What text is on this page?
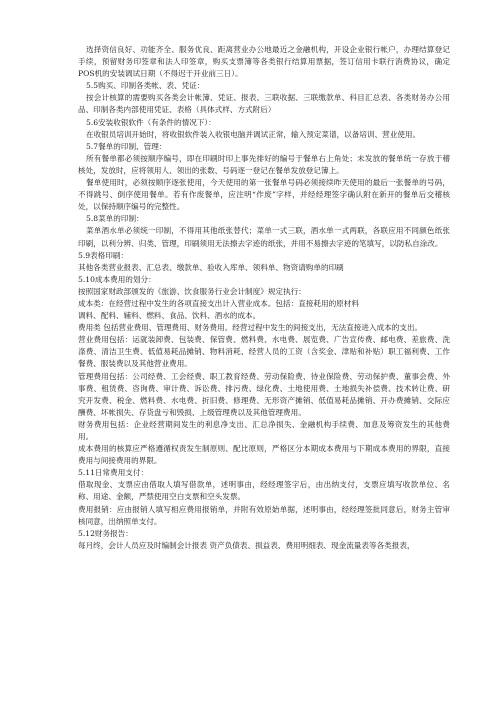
选择资信良好、功能齐全、服务优良、距离营业办公地最近之金融机构，开设企业银行帐户，办理结算登记手续，预留财务印签章和法人印签章，购买支票簿等各类银行结算用票据，签订信用卡联行消费协议，确定POS机的安装调试日期（不得迟于开业前三日）。

5.5购买、印制各类帐、表、凭证：

按会计核算的需要购买各类会计帐簿、凭证、报表、三联收据、三联缴款单、科目汇总表、各类财务办公用品、印制各类内部使用凭证、表格（具体式样、方式附后）

5.6安装收银软件（有条件的情况下）：

在收银员培训开始时，将收银软件装入收银电脑并调试正常，输入预定菜谱，以备培训、营业使用。

5.7餐单的印制、管理：

所有餐单都必须按顺序编号，即在印刷时印上事先排好的编号于餐单右上角处；未发放的餐单统一存放于稽核处，发放时，应将领用人、领出的张数、号码逐一登记在餐单发放登记簿上。

餐单使用时，必须按顺序逐张使用，今天使用的第一张餐单号码必须接续昨天使用的最后一张餐单的号码，不得跳号、倒序使用餐单。若有作废餐单，应注明“作废”字样，并经经理签字确认附在新开的餐单后交稽核处，以保持顺序编号的完整性。

5.8菜单的印制：

菜单酒水单必须统一印制，不得用其他纸张替代；菜单一式三联，酒水单一式两联，各联应用不同颜色纸张印刷，以利分辨、归类、管理，印刷须用无法擦去字迹的纸张，并用不易擦去字迹的笔填写，以防私自涂改。

5.9表格印刷：

其他各类营业报表、汇总表、缴款单、验收入库单、领料单、物资请购单的印刷

5.10成本费用的划分：

按照国家财政部颁发的《旅游、饮食服务行业会计制度》规定执行：

成本类：在经营过程中发生的各项直接支出计入营业成本。包括：直接耗用的原材料

调料、配料、辅料、燃料、食品、饮料、酒水的成本。

费用类 包括营业费用、管理费用、财务费用。经营过程中发生的间接支出，无法直接进入成本的支出。

营业费用包括：运就装卸费、包装费、保管费、燃料费、水电费、展览费、广告宣传费、邮电费、差旅费、洗涤费、清洁卫生费、低值易耗品摊销、物料消耗、经营人员的工资（含奖金、津贴和补贴）职工福利费、工作餐费、服装费以及其他营业费用。

管理费用包括：公司经费、工会经费、职工教育经费、劳动保险费、待业保险费、劳动保护费、董事会费、外事费、租赁费、咨询费、审计费、诉讼费、排污费、绿化费、土地使用费、土地损失补偿费、技术转让费、研究开发费、税金、燃料费、水电费、折旧费、修理费、无形资产摊销、低值易耗品摊销、开办费摊销、交际应酬费、坏帐损失、存货盘亏和毁损、上级管理费以及其他管理费用。

财务费用包括：企业经营期间发生的利息净支出、汇总净损失、金融机构手续费、加息及筹资发生的其他费用。

成本费用的核算应严格遵循权责发生制原则、配比原则，严格区分本期成本费用与下期成本费用的界限，直接费用与间接费用的界限。

5.11日常费用支付：

借取现金、支票应由借取人填写借款单，述明事由，经经理签字后，由出纳支付，支票应填写收款单位、名称、用途、金额，严禁使用空白支票和空头发票。

费用报销：应由报销人填写相应费用报销单，并附有效原始单据，述明事由，经经理签批同意后，财务主管审核同意，出纳照单支付。

5.12财务报告：

每月终，会计人员应及时编制会计报表 资产负债表、损益表、费用明细表、现金流量表等各类报表，
